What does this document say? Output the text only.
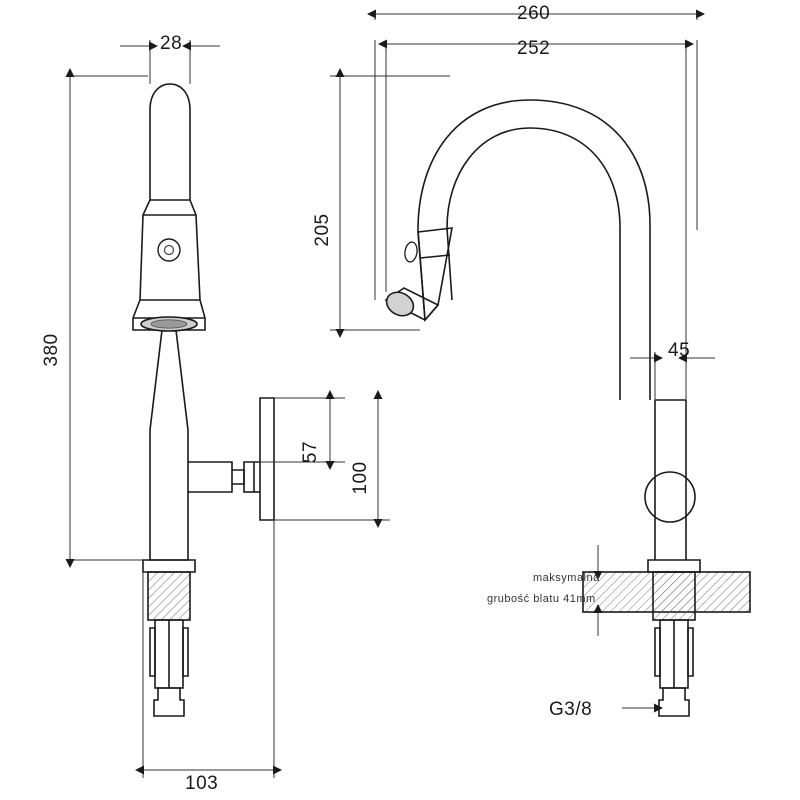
28
380
103
260
252
205
45
57
100
maksymalna
grubość blatu 41mm
G3/8
